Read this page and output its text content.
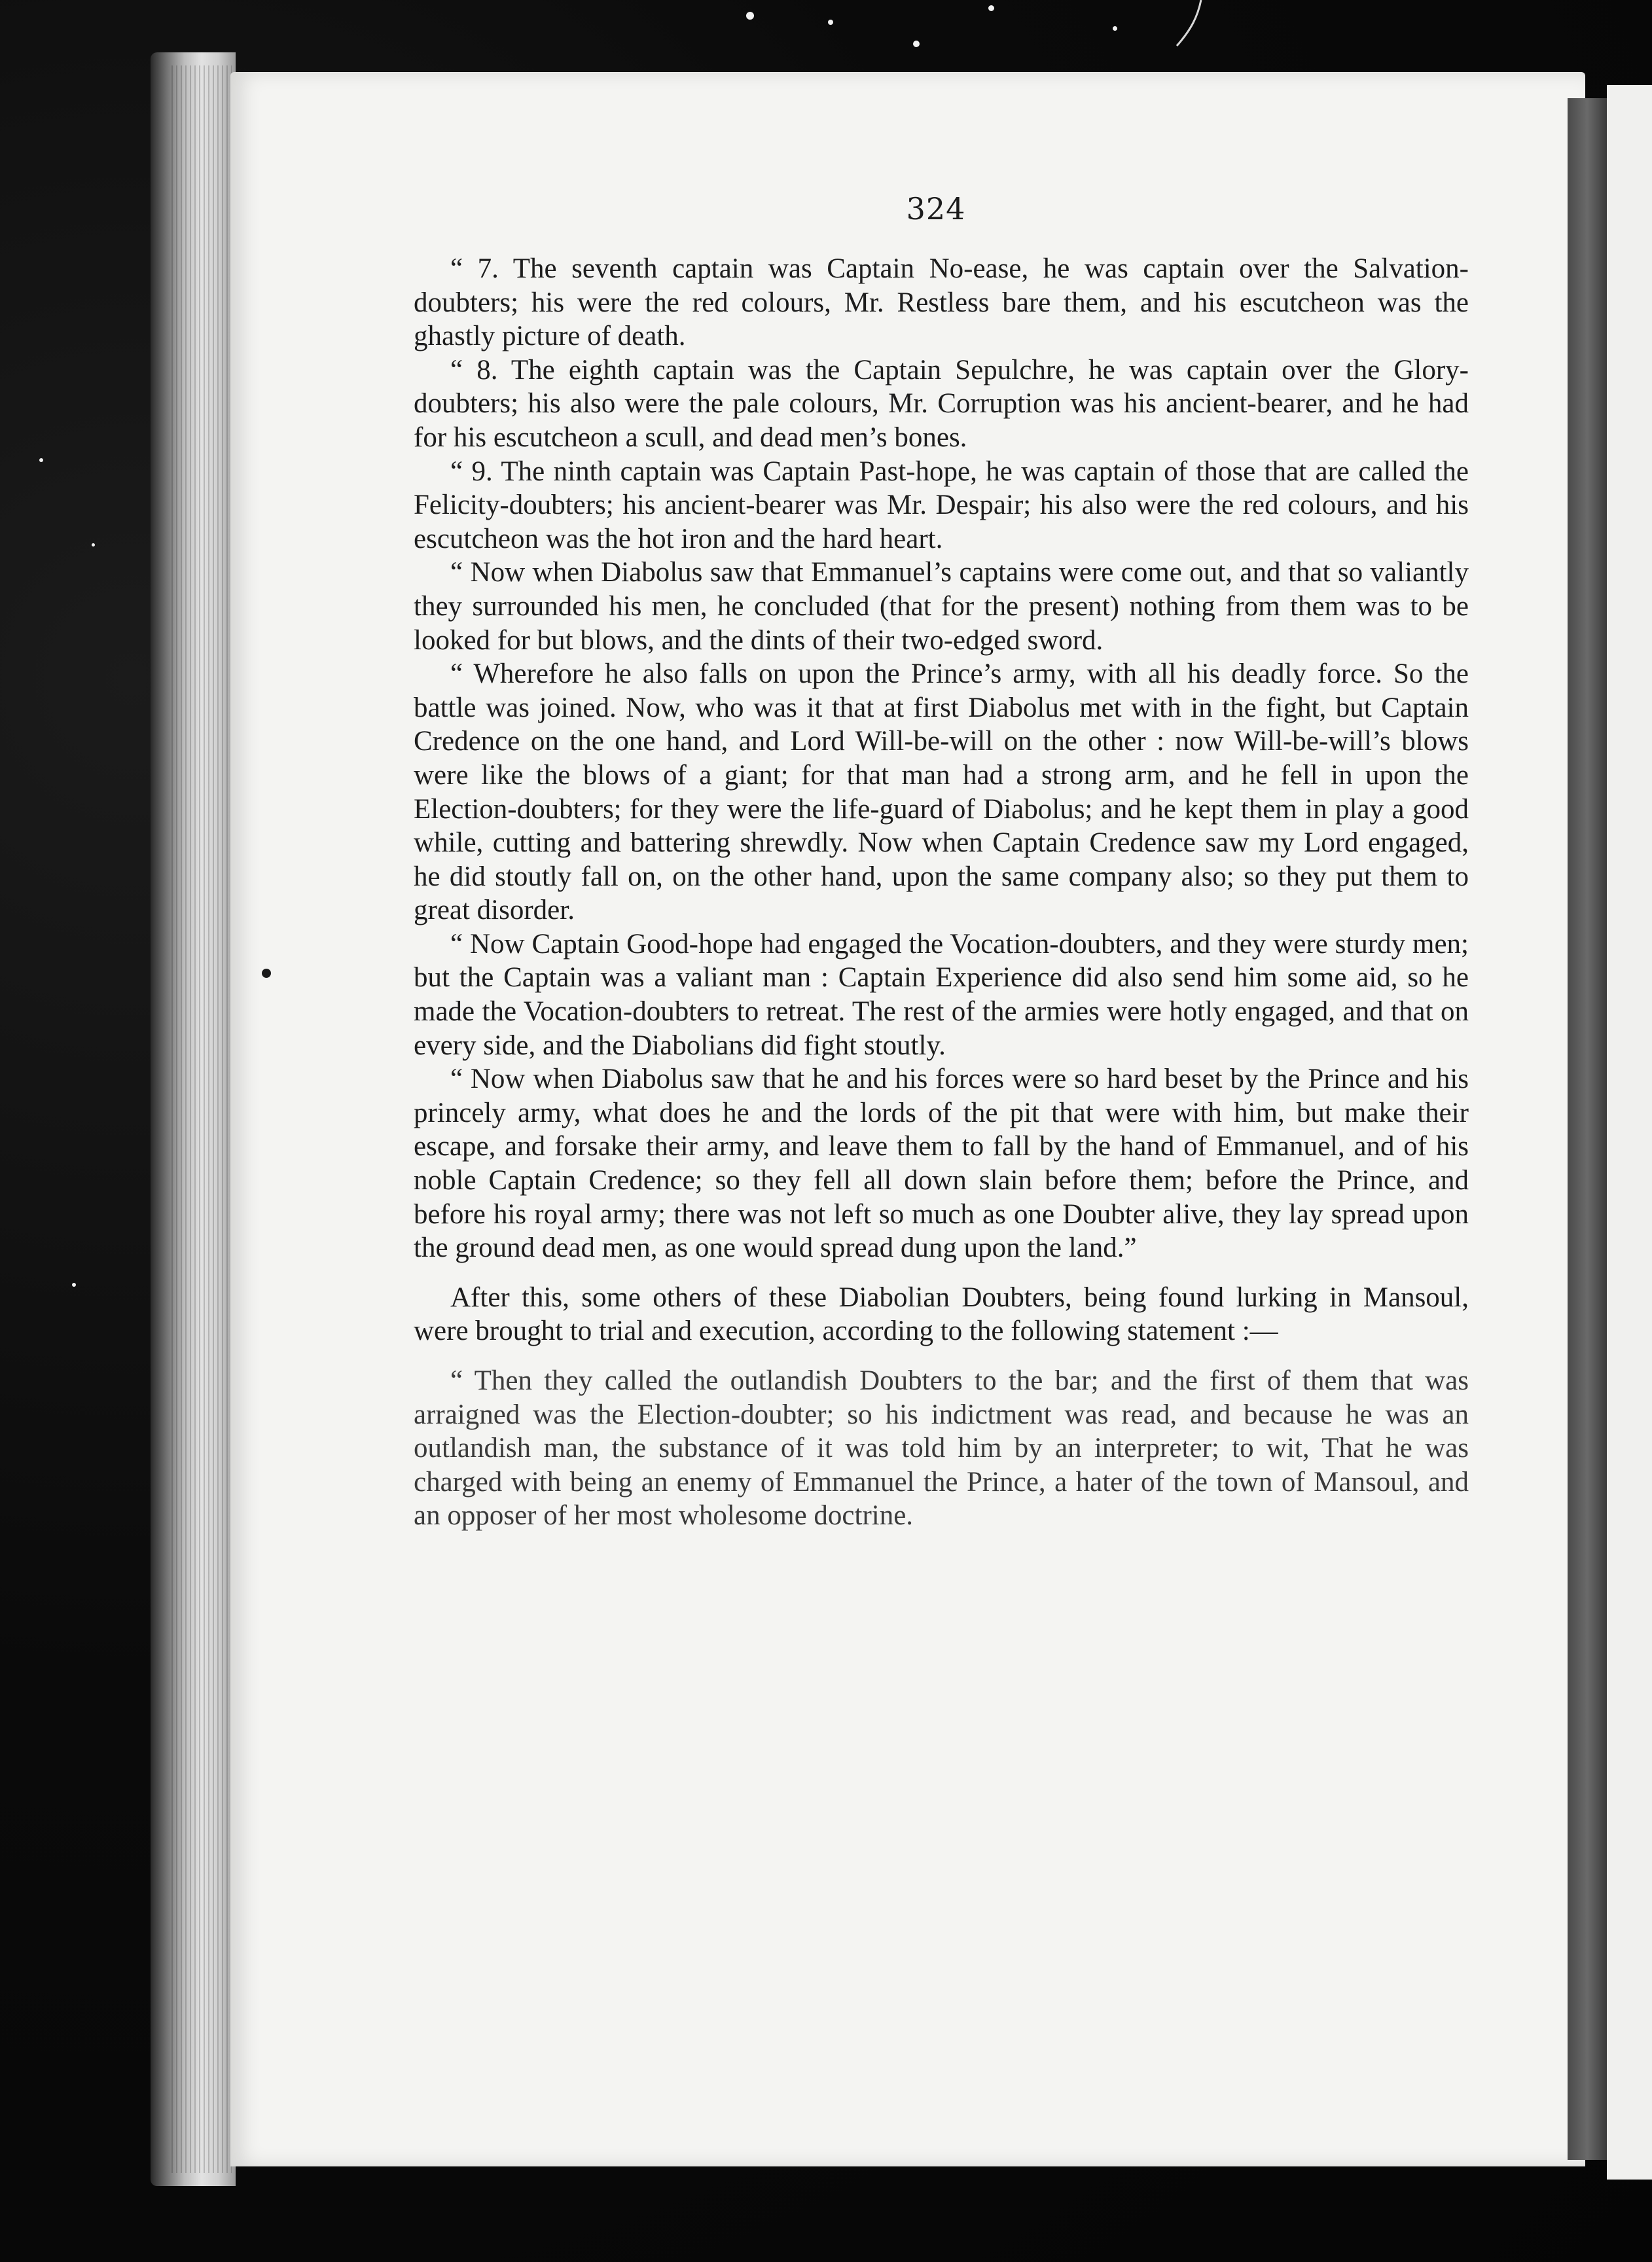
324

“ 7. The seventh captain was Captain No-ease, he was captain over the Salvation-doubters; his were the red colours, Mr. Restless bare them, and his escutcheon was the ghastly picture of death.

“ 8. The eighth captain was the Captain Sepulchre, he was captain over the Glory-doubters; his also were the pale colours, Mr. Corruption was his ancient-bearer, and he had for his escutcheon a scull, and dead men’s bones.

“ 9. The ninth captain was Captain Past-hope, he was captain of those that are called the Felicity-doubters; his ancient-bearer was Mr. Despair; his also were the red colours, and his escutcheon was the hot iron and the hard heart.

“ Now when Diabolus saw that Emmanuel’s captains were come out, and that so valiantly they surrounded his men, he concluded (that for the present) nothing from them was to be looked for but blows, and the dints of their two-edged sword.

“ Wherefore he also falls on upon the Prince’s army, with all his deadly force. So the battle was joined. Now, who was it that at first Diabolus met with in the fight, but Captain Credence on the one hand, and Lord Will-be-will on the other : now Will-be-will’s blows were like the blows of a giant; for that man had a strong arm, and he fell in upon the Election-doubters; for they were the life-guard of Diabolus; and he kept them in play a good while, cutting and battering shrewdly. Now when Captain Credence saw my Lord engaged, he did stoutly fall on, on the other hand, upon the same company also; so they put them to great disorder.

“ Now Captain Good-hope had engaged the Vocation-doubters, and they were sturdy men; but the Captain was a valiant man : Captain Experience did also send him some aid, so he made the Vocation-doubters to retreat. The rest of the armies were hotly engaged, and that on every side, and the Diabolians did fight stoutly.

“ Now when Diabolus saw that he and his forces were so hard beset by the Prince and his princely army, what does he and the lords of the pit that were with him, but make their escape, and forsake their army, and leave them to fall by the hand of Emmanuel, and of his noble Captain Credence; so they fell all down slain before them; before the Prince, and before his royal army; there was not left so much as one Doubter alive, they lay spread upon the ground dead men, as one would spread dung upon the land.”

After this, some others of these Diabolian Doubters, being found lurking in Mansoul, were brought to trial and execution, according to the following statement :—

“ Then they called the outlandish Doubters to the bar; and the first of them that was arraigned was the Election-doubter; so his indictment was read, and because he was an outlandish man, the substance of it was told him by an interpreter; to wit, That he was charged with being an enemy of Emmanuel the Prince, a hater of the town of Mansoul, and an opposer of her most wholesome doctrine.
